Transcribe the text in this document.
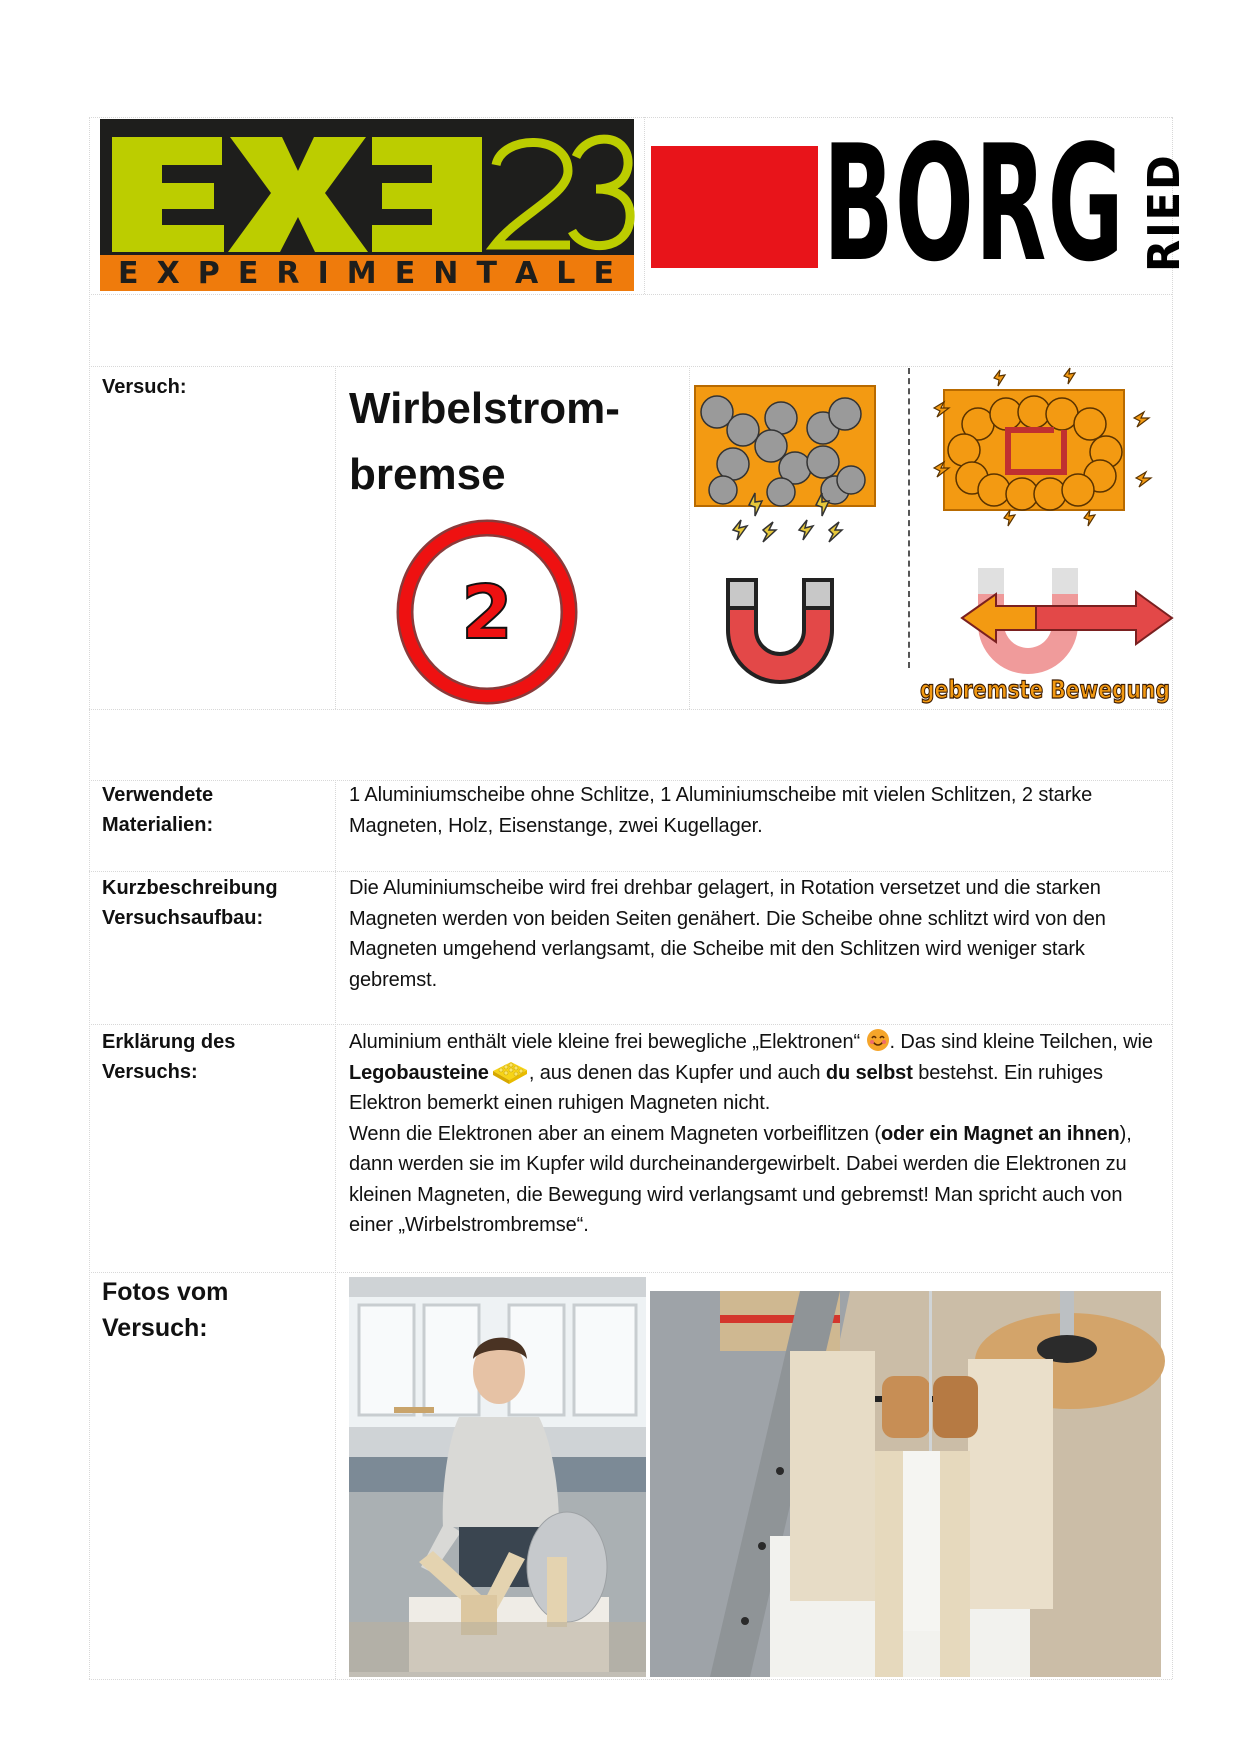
E X P E R I M E N T A L E BORG RIED
Versuch:	Wirbelstrom-
bremse
2
gebremste Bewegung
Verwendete
Materialien:
1 Aluminiumscheibe ohne Schlitze, 1 Aluminiumscheibe mit vielen Schlitzen, 2 starke Magneten, Holz, Eisenstange, zwei Kugellager.
Kurzbeschreibung
Versuchsaufbau:
Die Aluminiumscheibe wird frei drehbar gelagert, in Rotation versetzet und die starken Magneten werden von beiden Seiten genähert. Die Scheibe ohne schlitzt wird von den Magneten umgehend verlangsamt, die Scheibe mit den Schlitzen wird weniger stark gebremst.
Erklärung des
Versuchs:
Aluminium enthält viele kleine frei bewegliche „Elektronen“ . Das sind kleine Teilchen, wie Legobausteine , aus denen das Kupfer und auch du selbst bestehst. Ein ruhiges Elektron bemerkt einen ruhigen Magneten nicht.
Wenn die Elektronen aber an einem Magneten vorbeiflitzen (oder ein Magnet an ihnen), dann werden sie im Kupfer wild durcheinandergewirbelt. Dabei werden die Elektronen zu kleinen Magneten, die Bewegung wird verlangsamt und gebremst! Man spricht auch von einer „Wirbelstrombremse“.
Fotos vom
Versuch:
